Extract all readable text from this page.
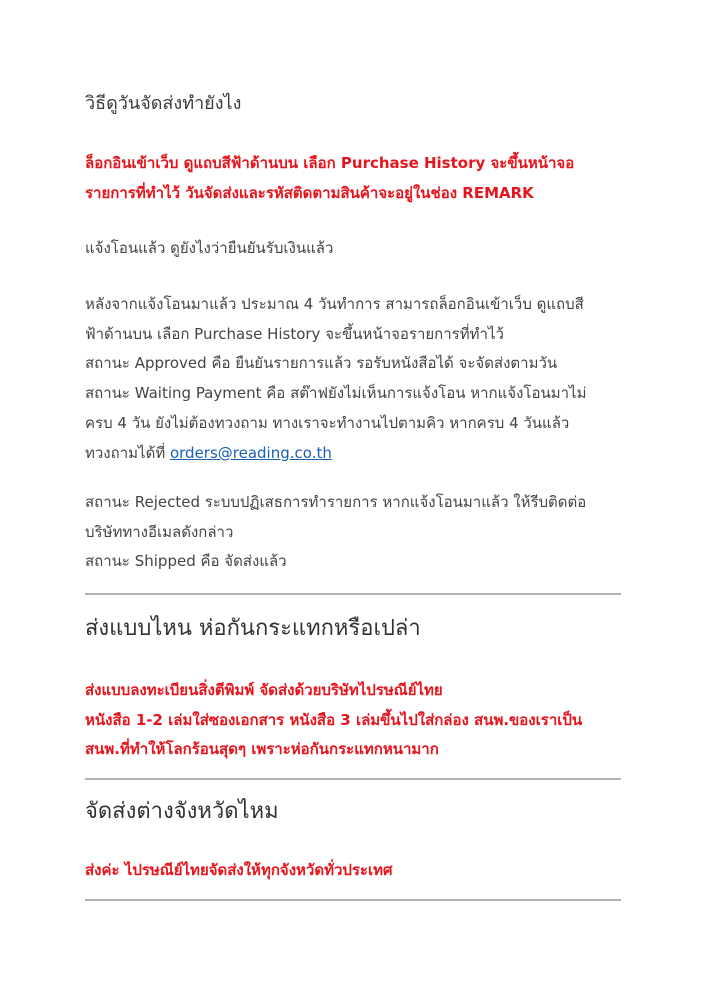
วิธีดูวันจัดส่งทำยังไง
ล็อกอินเข้าเว็บ ดูแถบสีฟ้าด้านบน เลือก Purchase History จะขึ้นหน้าจอ
รายการที่ทำไว้ วันจัดส่งและรหัสติดตามสินค้าจะอยู่ในช่อง REMARK
แจ้งโอนแล้ว ดูยังไงว่ายืนยันรับเงินแล้ว
หลังจากแจ้งโอนมาแล้ว ประมาณ 4 วันทำการ สามารถล็อกอินเข้าเว็บ ดูแถบสี
ฟ้าด้านบน เลือก Purchase History จะขึ้นหน้าจอรายการที่ทำไว้
สถานะ Approved คือ ยืนยันรายการแล้ว รอรับหนังสือได้ จะจัดส่งตามวัน
สถานะ Waiting Payment คือ สต๊าฟยังไม่เห็นการแจ้งโอน หากแจ้งโอนมาไม่
ครบ 4 วัน ยังไม่ต้องทวงถาม ทางเราจะทำงานไปตามคิว หากครบ 4 วันแล้ว
ทวงถามได้ที่ orders@reading.co.th
สถานะ Rejected ระบบปฏิเสธการทำรายการ หากแจ้งโอนมาแล้ว ให้รีบติดต่อ
บริษัททางอีเมลดังกล่าว
สถานะ Shipped คือ จัดส่งแล้ว
ส่งแบบไหน ห่อกันกระแทกหรือเปล่า
ส่งแบบลงทะเบียนสิ่งตีพิมพ์ จัดส่งด้วยบริษัทไปรษณีย์ไทย
หนังสือ 1-2 เล่มใส่ซองเอกสาร หนังสือ 3 เล่มขึ้นไปใส่กล่อง สนพ.ของเราเป็น
สนพ.ที่ทำให้โลกร้อนสุดๆ เพราะห่อกันกระแทกหนามาก
จัดส่งต่างจังหวัดไหม
ส่งค่ะ ไปรษณีย์ไทยจัดส่งให้ทุกจังหวัดทั่วประเทศ
